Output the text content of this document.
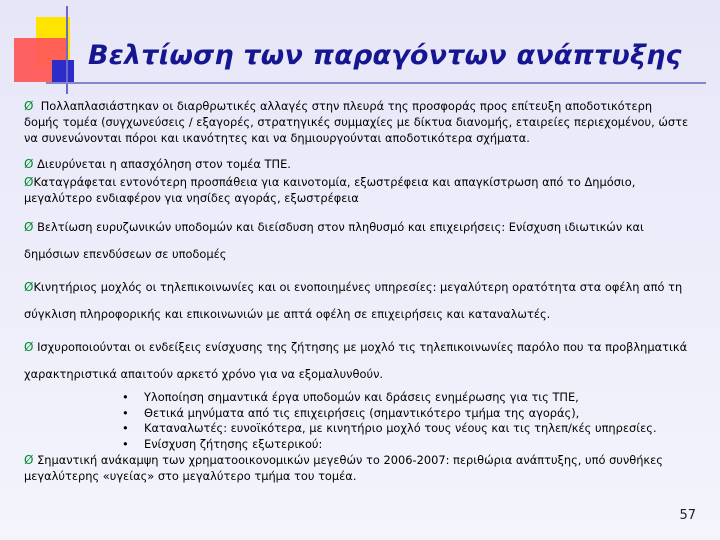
Βελτίωση των παραγόντων ανάπτυξης

Ø Πολλαπλασιάστηκαν οι διαρθρωτικές αλλαγές στην πλευρά της προσφοράς προς επίτευξη αποδοτικότερη δομής τομέα (συγχωνεύσεις / εξαγορές, στρατηγικές συμμαχίες με δίκτυα διανομής, εταιρείες περιεχομένου, ώστε να συνενώνονται πόροι και ικανότητες και να δημιουργούνται αποδοτικότερα σχήματα.

Ø Διευρύνεται η απασχόληση στον τομέα ΤΠΕ.

ØΚαταγράφεται εντονότερη προσπάθεια για καινοτομία, εξωστρέφεια και απαγκίστρωση από το Δημόσιο, μεγαλύτερο ενδιαφέρον για νησίδες αγοράς, εξωστρέφεια

Ø Βελτίωση ευρυζωνικών υποδομών και διείσδυση στον πληθυσμό και επιχειρήσεις: Ενίσχυση ιδιωτικών και δημόσιων επενδύσεων σε υποδομές

ØΚινητήριος μοχλός οι τηλεπικοινωνίες και οι ενοποιημένες υπηρεσίες: μεγαλύτερη ορατότητα στα οφέλη από τη σύγκλιση πληροφορικής και επικοινωνιών με απτά οφέλη σε επιχειρήσεις και καταναλωτές.

Ø Ισχυροποιούνται οι ενδείξεις ενίσχυσης της ζήτησης με μοχλό τις τηλεπικοινωνίες παρόλο που τα προβληματικά χαρακτηριστικά απαιτούν αρκετό χρόνο για να εξομαλυνθούν.

• Υλοποίηση σημαντικά έργα υποδομών και δράσεις ενημέρωσης για τις ΤΠΕ,
• Θετικά μηνύματα από τις επιχειρήσεις (σημαντικότερο τμήμα της αγοράς),
• Καταναλωτές: ευνοϊκότερα, με κινητήριο μοχλό τους νέους και τις τηλεπ/κές υπηρεσίες.
• Ενίσχυση ζήτησης εξωτερικού:

Ø Σημαντική ανάκαμψη των χρηματοοικονομικών μεγεθών το 2006-2007: περιθώρια ανάπτυξης, υπό συνθήκες μεγαλύτερης «υγείας» στο μεγαλύτερο τμήμα του τομέα.

57
